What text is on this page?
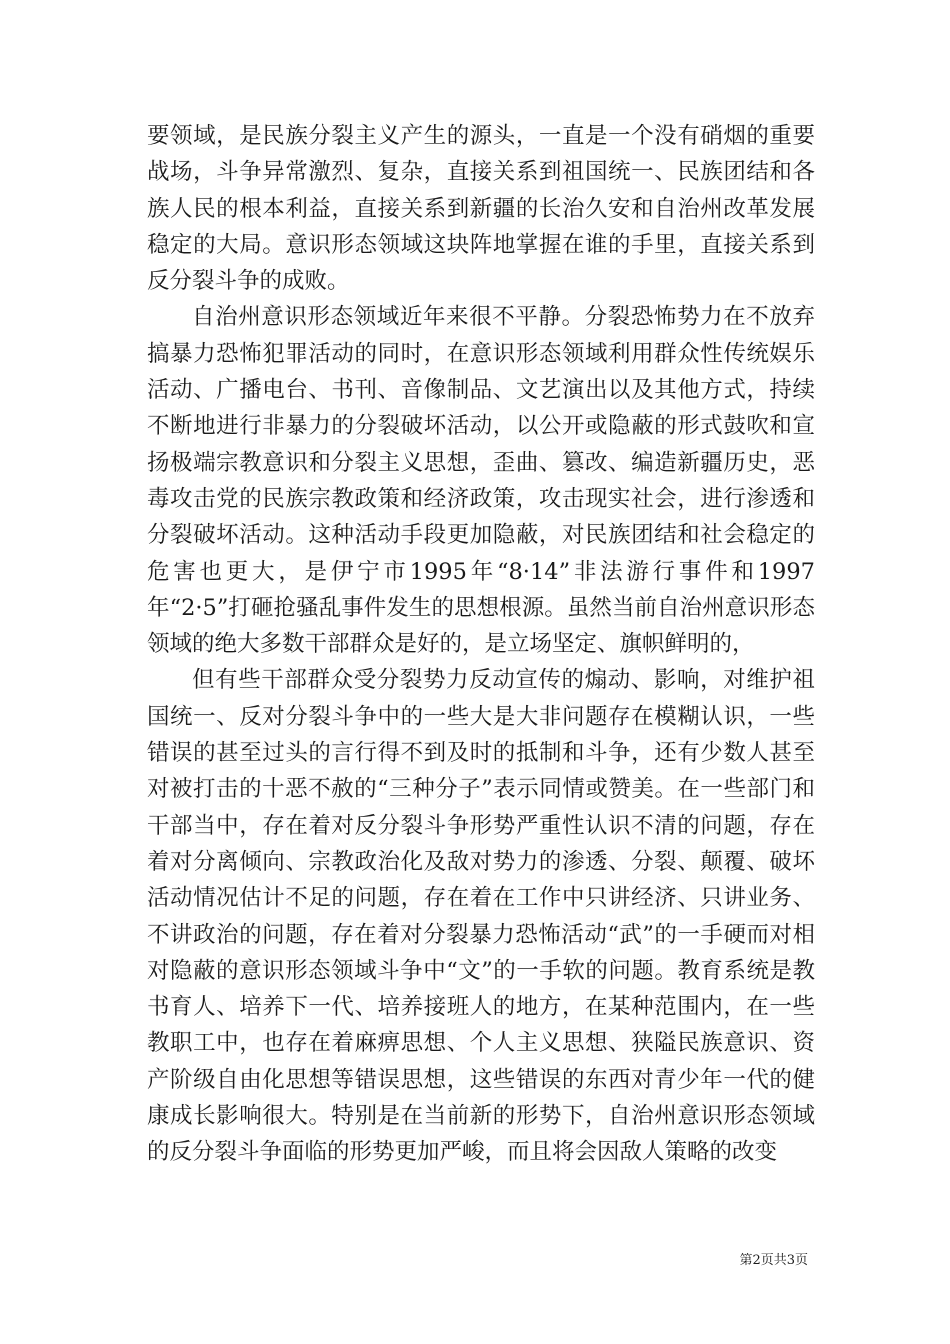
要领域，是民族分裂主义产生的源头，一直是一个没有硝烟的重要战场，斗争异常激烈、复杂，直接关系到祖国统一、民族团结和各族人民的根本利益，直接关系到新疆的长治久安和自治州改革发展稳定的大局。意识形态领域这块阵地掌握在谁的手里，直接关系到反分裂斗争的成败。

自治州意识形态领域近年来很不平静。分裂恐怖势力在不放弃搞暴力恐怖犯罪活动的同时，在意识形态领域利用群众性传统娱乐活动、广播电台、书刊、音像制品、文艺演出以及其他方式，持续不断地进行非暴力的分裂破坏活动，以公开或隐蔽的形式鼓吹和宣扬极端宗教意识和分裂主义思想，歪曲、篡改、编造新疆历史，恶毒攻击党的民族宗教政策和经济政策，攻击现实社会，进行渗透和分裂破坏活动。这种活动手段更加隐蔽，对民族团结和社会稳定的危害也更大，是伊宁市1995年“8·14”非法游行事件和1997年“2·5”打砸抢骚乱事件发生的思想根源。虽然当前自治州意识形态领域的绝大多数干部群众是好的，是立场坚定、旗帜鲜明的，

但有些干部群众受分裂势力反动宣传的煽动、影响，对维护祖国统一、反对分裂斗争中的一些大是大非问题存在模糊认识，一些错误的甚至过头的言行得不到及时的抵制和斗争，还有少数人甚至对被打击的十恶不赦的“三种分子”表示同情或赞美。在一些部门和干部当中，存在着对反分裂斗争形势严重性认识不清的问题，存在着对分离倾向、宗教政治化及敌对势力的渗透、分裂、颠覆、破坏活动情况估计不足的问题，存在着在工作中只讲经济、只讲业务、不讲政治的问题，存在着对分裂暴力恐怖活动“武”的一手硬而对相对隐蔽的意识形态领域斗争中“文”的一手软的问题。教育系统是教书育人、培养下一代、培养接班人的地方，在某种范围内，在一些教职工中，也存在着麻痹思想、个人主义思想、狭隘民族意识、资产阶级自由化思想等错误思想，这些错误的东西对青少年一代的健康成长影响很大。特别是在当前新的形势下，自治州意识形态领域的反分裂斗争面临的形势更加严峻，而且将会因敌人策略的改变

第2页共3页
